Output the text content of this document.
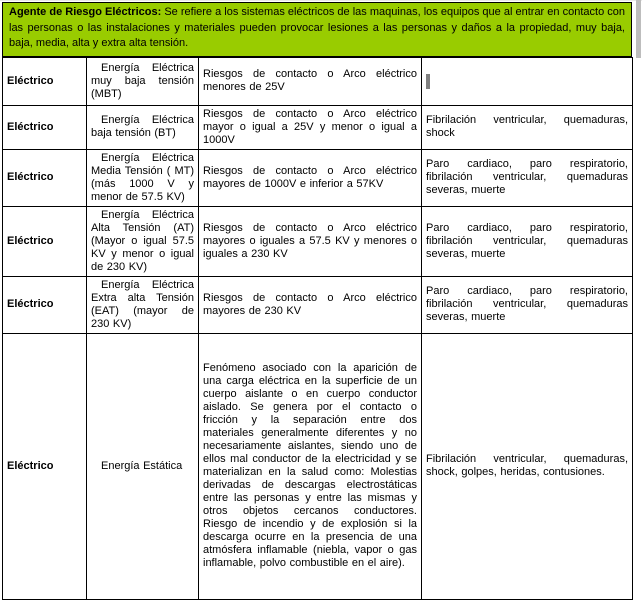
Agente de Riesgo Eléctricos: Se refiere a los sistemas eléctricos de las maquinas, los equipos que al entrar en contacto con las personas o las instalaciones y materiales pueden provocar lesiones a las personas y daños a la propiedad, muy baja, baja, media, alta y extra alta tensión.
Eléctrico	Energía Eléctrica muy baja tensión (MBT)	Riesgos de contacto o Arco eléctrico menores de 25V	
Eléctrico	Energía Eléctrica baja tensión (BT)	Riesgos de contacto o Arco eléctrico mayor o igual a 25V y menor o igual a 1000V	Fibrilación ventricular, quemaduras, shock
Eléctrico	Energía Eléctrica Media Tensión ( MT) (más 1000 V y menor de 57.5 KV)	Riesgos de contacto o Arco eléctrico mayores de 1000V e inferior a 57KV	Paro cardiaco, paro respiratorio, fibrilación ventricular, quemaduras severas, muerte
Eléctrico	Energía Eléctrica Alta Tensión (AT) (Mayor o igual 57.5 KV y menor o igual de 230 KV)	Riesgos de contacto o Arco eléctrico mayores o iguales a 57.5 KV y menores o iguales a 230 KV	Paro cardiaco, paro respiratorio, fibrilación ventricular, quemaduras severas, muerte
Eléctrico	Energía Eléctrica Extra alta Tensión (EAT) (mayor de 230 KV)	Riesgos de contacto o Arco eléctrico mayores de 230 KV	Paro cardiaco, paro respiratorio, fibrilación ventricular, quemaduras severas, muerte
Eléctrico	Energía Estática	Fenómeno asociado con la aparición de una carga eléctrica en la superficie de un cuerpo aislante o en cuerpo conductor aislado. Se genera por el contacto o fricción y la separación entre dos materiales generalmente diferentes y no necesariamente aislantes, siendo uno de ellos mal conductor de la electricidad y se materializan en la salud como: Molestias derivadas de descargas electrostáticas entre las personas y entre las mismas y otros objetos cercanos conductores. Riesgo de incendio y de explosión si la descarga ocurre en la presencia de una atmósfera inflamable (niebla, vapor o gas inflamable, polvo combustible en el aire).	Fibrilación ventricular, quemaduras, shock, golpes, heridas, contusiones.
